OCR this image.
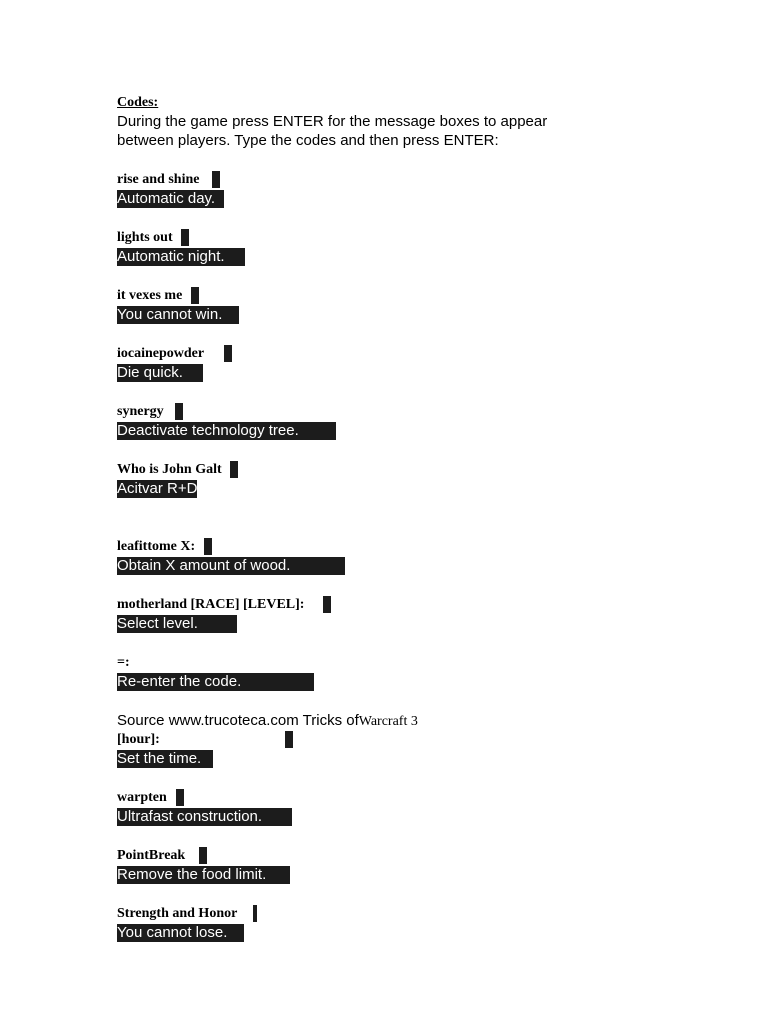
Codes:
During the game press ENTER for the message boxes to appear
between players. Type the codes and then press ENTER:
rise and shine
Automatic day.
lights out
Automatic night.
it vexes me
You cannot win.
iocainepowder
Die quick.
synergy
Deactivate technology tree.
Who is John Galt
Acitvar R+D
leafittome X:
Obtain X amount of wood.
motherland [RACE] [LEVEL]:
Select level.
=:
Re-enter the code.
Source www.trucoteca.com Tricks ofWarcraft 3
[hour]:
Set the time.
warpten
Ultrafast construction.
PointBreak
Remove the food limit.
Strength and Honor
You cannot lose.
